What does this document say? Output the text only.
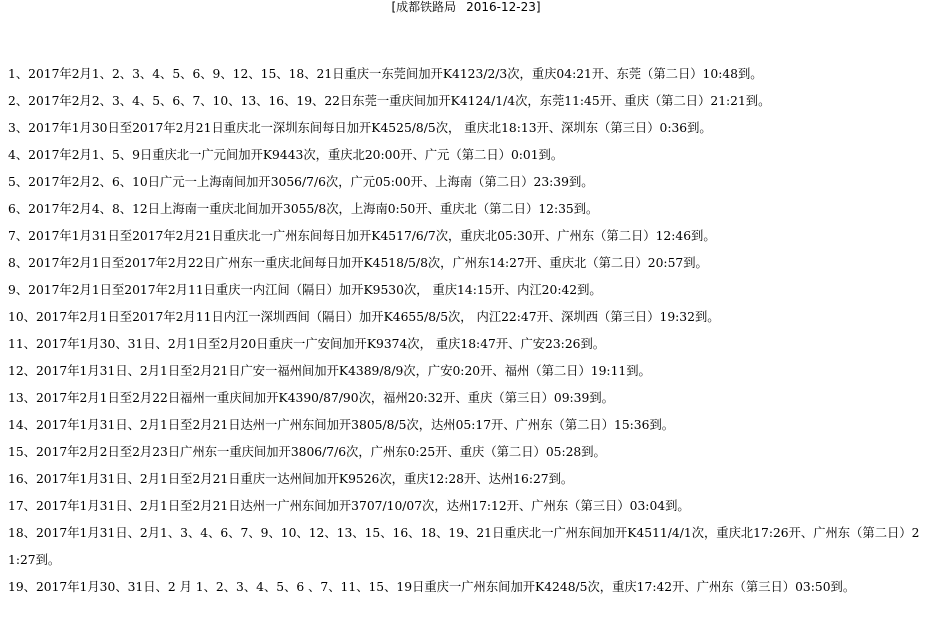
[成都铁路局 2016-12-23]
1、2017年2月1、2、3、4、5、6、9、12、15、18、21日重庆一东莞间加开K4123/2/3次，重庆04:21开、东莞（第二日）10:48到。
2、2017年2月2、3、4、5、6、7、10、13、16、19、22日东莞一重庆间加开K4124/1/4次，东莞11:45开、重庆（第二日）21:21到。
3、2017年1月30日至2017年2月21日重庆北一深圳东间每日加开K4525/8/5次， 重庆北18:13开、深圳东（第三日）0:36到。
4、2017年2月1、5、9日重庆北一广元间加开K9443次，重庆北20:00开、广元（第二日）0:01到。
5、2017年2月2、6、10日广元一上海南间加开3056/7/6次，广元05:00开、上海南（第二日）23:39到。
6、2017年2月4、8、12日上海南一重庆北间加开3055/8次，上海南0:50开、重庆北（第二日）12:35到。
7、2017年1月31日至2017年2月21日重庆北一广州东间每日加开K4517/6/7次，重庆北05:30开、广州东（第二日）12:46到。
8、2017年2月1日至2017年2月22日广州东一重庆北间每日加开K4518/5/8次，广州东14:27开、重庆北（第二日）20:57到。
9、2017年2月1日至2017年2月11日重庆一内江间（隔日）加开K9530次， 重庆14:15开、内江20:42到。
10、2017年2月1日至2017年2月11日内江一深圳西间（隔日）加开K4655/8/5次， 内江22:47开、深圳西（第三日）19:32到。
11、2017年1月30、31日、2月1日至2月20日重庆一广安间加开K9374次， 重庆18:47开、广安23:26到。
12、2017年1月31日、2月1日至2月21日广安一福州间加开K4389/8/9次，广安0:20开、福州（第二日）19:11到。
13、2017年2月1日至2月22日福州一重庆间加开K4390/87/90次，福州20:32开、重庆（第三日）09:39到。
14、2017年1月31日、2月1日至2月21日达州一广州东间加开3805/8/5次，达州05:17开、广州东（第二日）15:36到。
15、2017年2月2日至2月23日广州东一重庆间加开3806/7/6次，广州东0:25开、重庆（第二日）05:28到。
16、2017年1月31日、2月1日至2月21日重庆一达州间加开K9526次，重庆12:28开、达州16:27到。
17、2017年1月31日、2月1日至2月21日达州一广州东间加开3707/10/07次，达州17:12开、广州东（第三日）03:04到。
18、2017年1月31日、2月1、3、4、6、7、9、10、12、13、15、16、18、19、21日重庆北一广州东间加开K4511/4/1次，重庆北17:26开、广州东（第二日）21:27到。
19、2017年1月30、31日、2 月 1、2、3、4、5、6 、7、11、15、19日重庆一广州东间加开K4248/5次，重庆17:42开、广州东（第三日）03:50到。
